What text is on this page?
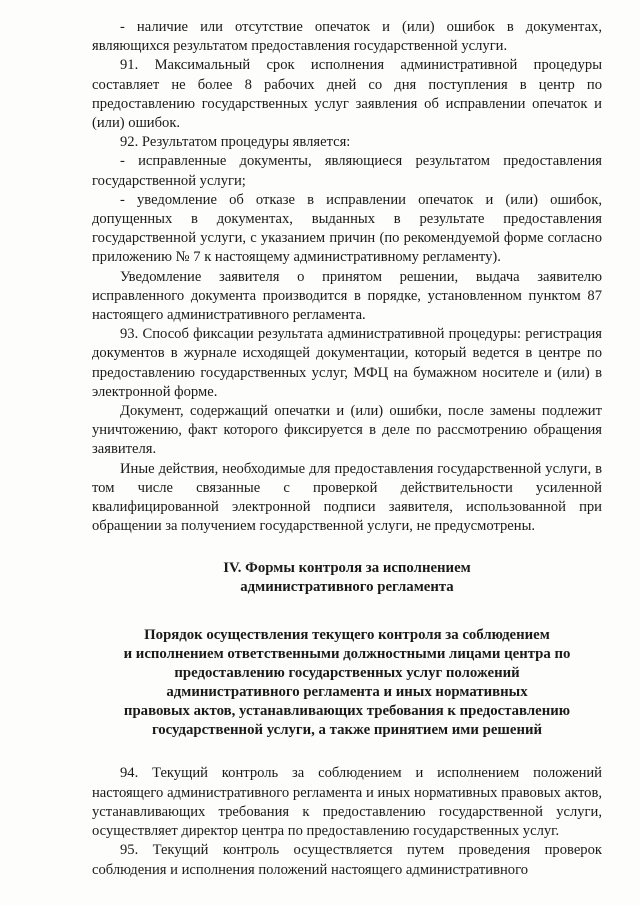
- наличие или отсутствие опечаток и (или) ошибок в документах, являющихся результатом предоставления государственной услуги.

91. Максимальный срок исполнения административной процедуры составляет не более 8 рабочих дней со дня поступления в центр по предоставлению государственных услуг заявления об исправлении опечаток и (или) ошибок.

92. Результатом процедуры является:

- исправленные документы, являющиеся результатом предоставления государственной услуги;

- уведомление об отказе в исправлении опечаток и (или) ошибок, допущенных в документах, выданных в результате предоставления государственной услуги, с указанием причин (по рекомендуемой форме согласно приложению № 7 к настоящему административному регламенту).

Уведомление заявителя о принятом решении, выдача заявителю исправленного документа производится в порядке, установленном пунктом 87 настоящего административного регламента.

93. Способ фиксации результата административной процедуры: регистрация документов в журнале исходящей документации, который ведется в центре по предоставлению государственных услуг, МФЦ на бумажном носителе и (или) в электронной форме.

Документ, содержащий опечатки и (или) ошибки, после замены подлежит уничтожению, факт которого фиксируется в деле по рассмотрению обращения заявителя.

Иные действия, необходимые для предоставления государственной услуги, в том числе связанные с проверкой действительности усиленной квалифицированной электронной подписи заявителя, использованной при обращении за получением государственной услуги, не предусмотрены.

IV. Формы контроля за исполнением
административного регламента
Порядок осуществления текущего контроля за соблюдением
и исполнением ответственными должностными лицами центра по
предоставлению государственных услуг положений
административного регламента и иных нормативных
правовых актов, устанавливающих требования к предоставлению
государственной услуги, а также принятием ими решений

94. Текущий контроль за соблюдением и исполнением положений настоящего административного регламента и иных нормативных правовых актов, устанавливающих требования к предоставлению государственной услуги, осуществляет директор центра по предоставлению государственных услуг.

95. Текущий контроль осуществляется путем проведения проверок соблюдения и исполнения положений настоящего административного
